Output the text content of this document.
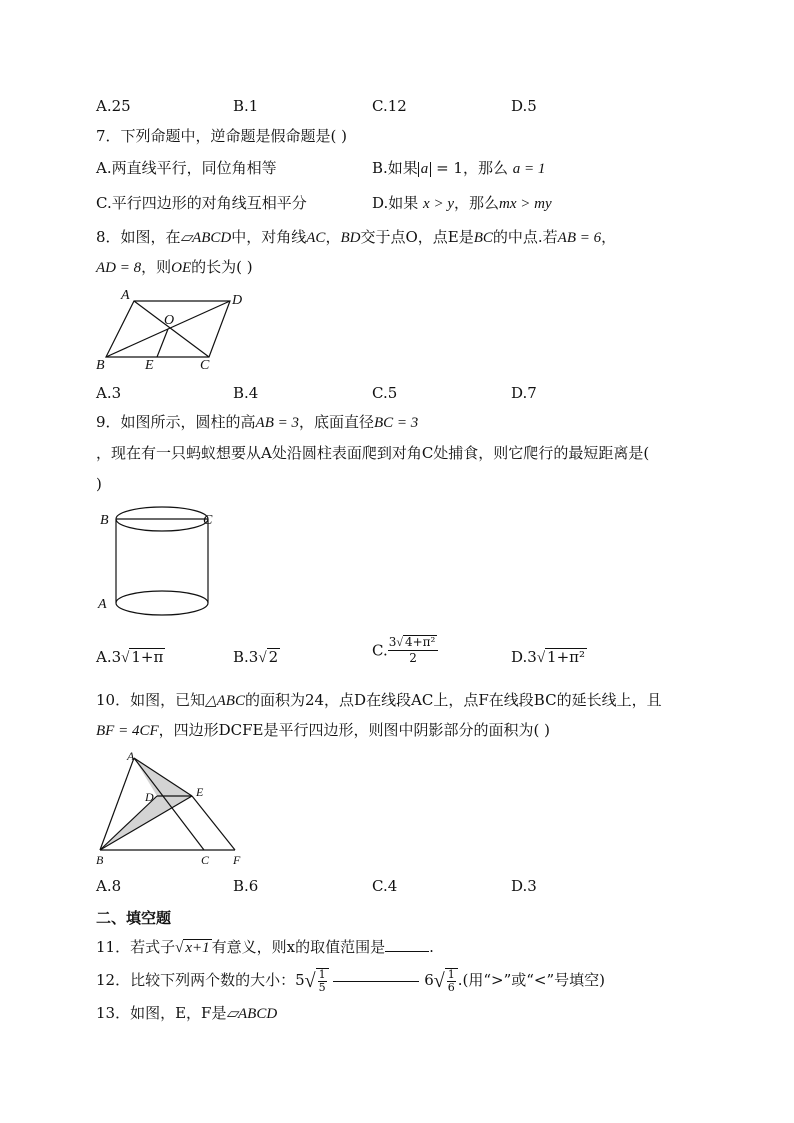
A.25	B.1	C.12	D.5
7．下列命题中，逆命题是假命题是( )
A.两直线平行，同位角相等	B.如果 a = 1，那么 a = 1
C.平行四边形的对角线互相平分	D.如果 x > y，那么mx > my
8．如图，在▱ABCD中，对角线AC，BD交于点O，点E是BC的中点.若AB = 6，
AD = 8，则OE的长为( )
A	D
O
B	E	C
A.3	B.4	C.5	D.7
9．如图所示，圆柱的高AB = 3，底面直径BC = 3
，现在有一只蚂蚁想要从A处沿圆柱表面爬到对角C处捕食，则它爬行的最短距离是(
)
B	C
A
A.3√ 1+π	B.3√ 2	C. $\frac{\text{3√ 4+π²}}{2}$	D.3√ 1+π²
10．如图，已知△ABC的面积为24，点D在线段AC上，点F在线段BC的延长线上，且
BF = 4CF，四边形DCFE是平行四边形，则图中阴影部分的面积为( )
A
D	E
B	C F
A.8	B.6	C.4	D.3
二、填空题
11．若式子√ x+1 有意义，则x的取值范围是	.
12．比较下列两个数的大小：$5√ \frac{1}{5}$	$6√ \frac{1}{6}$ .(用“>”或“<”号填空)
13．如图，E，F是▱ABCD
